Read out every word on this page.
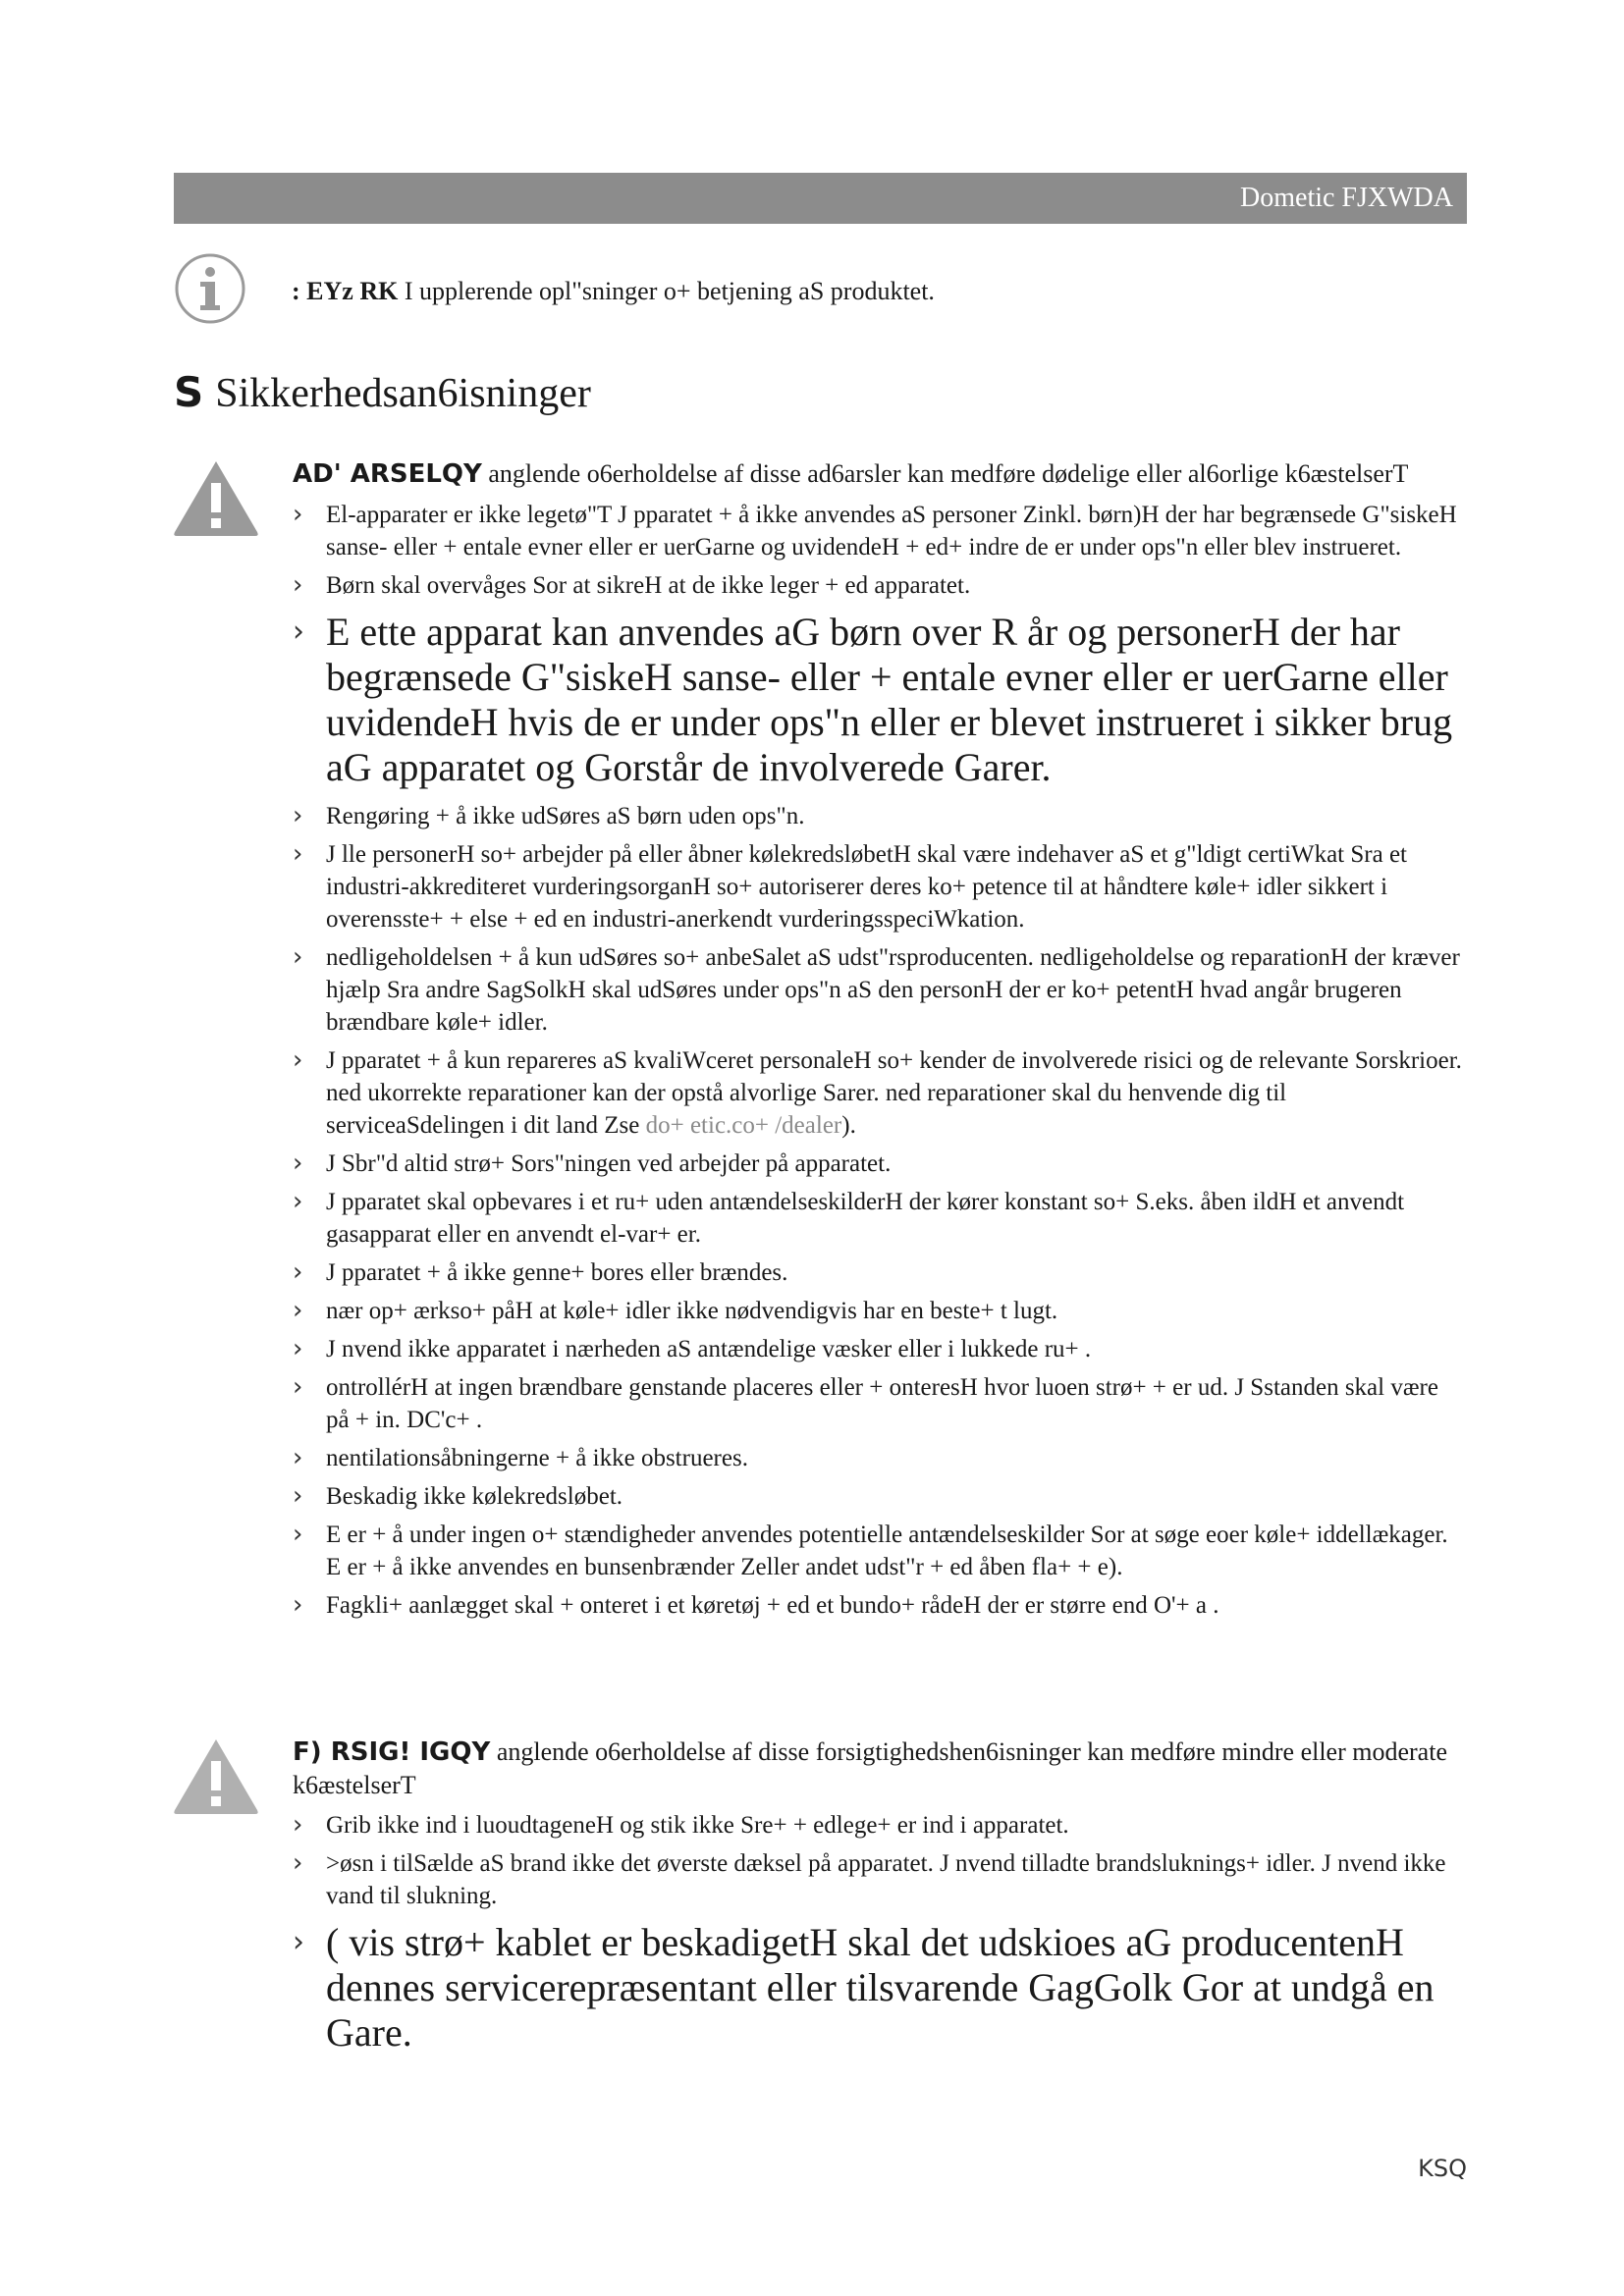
Dometic FJXWDA
: EYz RK I upplerende opl"sninger o+ betjening aS produktet.
S Sikkerhedsan6isninger

AD' ARSELQY anglende o6erholdelse af disse ad6arsler kan medføre dødelige eller al6orlige k6æstelserT

› El-apparater er ikke legetø"T J pparatet + å ikke anvendes aS personer Zinkl. børn)H der har begrænsede G"siskeH sanse- eller + entale evner eller er uerGarne og uvidendeH + ed+ indre de er under ops"n eller blev instrueret.
› Børn skal overvåges Sor at sikreH at de ikke leger + ed apparatet.
› E ette apparat kan anvendes aG børn over R år og personerH der har begrænsede G"siskeH sanse- eller + entale evner eller er uerGarne eller uvidendeH hvis de er under ops"n eller er blevet instrueret i sikker brug aG apparatet og Gorstår de involverede Garer.
› Rengøring + å ikke udSøres aS børn uden ops"n.
› J lle personerH so+ arbejder på eller åbner kølekredsløbetH skal være indehaver aS et g"ldigt certiWkat Sra et industri-akkrediteret vurderingsorganH so+ autoriserer deres ko+ petence til at håndtere køle+ idler sikkert i overensste+ + else + ed en industri-anerkendt vurderingsspeciWkation.
› nedligeholdelsen + å kun udSøres so+ anbeSalet aS udst"rsproducenten. nedligeholdelse og reparationH der kræver hjælp Sra andre SagSolkH skal udSøres under ops"n aS den personH der er ko+ petentH hvad angår brugeren brændbare køle+ idler.
› J pparatet + å kun repareres aS kvaliWceret personaleH so+ kender de involverede risici og de relevante Sorskrioer. ned ukorrekte reparationer kan der opstå alvorlige Sarer. ned reparationer skal du henvende dig til serviceaSdelingen i dit land Zse do+ etic.co+ /dealer).
› J Sbr"d altid strø+ Sors"ningen ved arbejder på apparatet.
› J pparatet skal opbevares i et ru+ uden antændelseskilderH der kører konstant so+ S.eks. åben ildH et anvendt gasapparat eller en anvendt el-var+ er.
› J pparatet + å ikke genne+ bores eller brændes.
› nær op+ ærkso+ påH at køle+ idler ikke nødvendigvis har en beste+ t lugt.
› J nvend ikke apparatet i nærheden aS antændelige væsker eller i lukkede ru+ .
› ontrollérH at ingen brændbare genstande placeres eller + onteresH hvor luoen strø+ + er ud. J Sstanden skal være på + in. DC'c+ .
› nentilationsåbningerne + å ikke obstrueres.
› Beskadig ikke kølekredsløbet.
› E er + å under ingen o+ stændigheder anvendes potentielle antændelseskilder Sor at søge eoer køle+ iddellækager. E er + å ikke anvendes en bunsenbrænder Zeller andet udst"r + ed åben fla+ + e).
› Fagkli+ aanlægget skal + onteret i et køretøj + ed et bundo+ rådeH der er større end O'+ a .

F) RSIG! IGQY anglende o6erholdelse af disse forsigtighedshen6isninger kan medføre mindre eller moderate k6æstelserT

› Grib ikke ind i luoudtageneH og stik ikke Sre+ + edlege+ er ind i apparatet.
› >øsn i tilSælde aS brand ikke det øverste dæksel på apparatet. J nvend tilladte brandsluknings+ idler. J nvend ikke vand til slukning.
› ( vis strø+ kablet er beskadigetH skal det udskioes aG producentenH dennes servicerepræsentant eller tilsvarende GagGolk Gor at undgå en Gare.
KSQ
